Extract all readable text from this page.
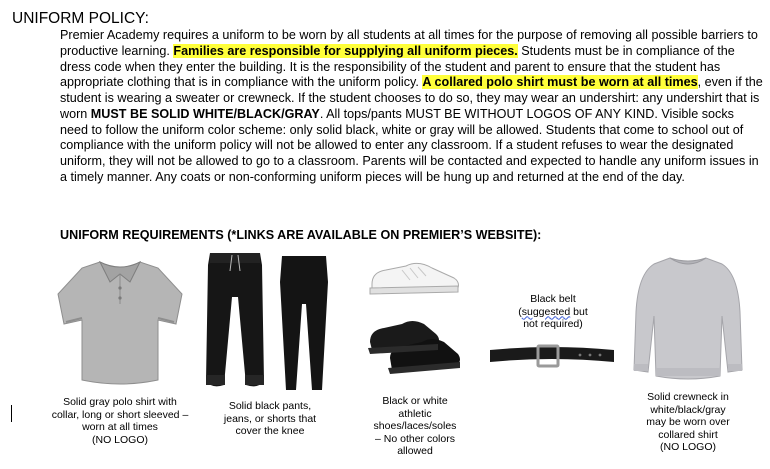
UNIFORM POLICY:
Premier Academy requires a uniform to be worn by all students at all times for the purpose of removing all possible barriers to productive learning. Families are responsible for supplying all uniform pieces. Students must be in compliance of the dress code when they enter the building. It is the responsibility of the student and parent to ensure that the student has appropriate clothing that is in compliance with the uniform policy. A collared polo shirt must be worn at all times, even if the student is wearing a sweater or crewneck. If the student chooses to do so, they may wear an undershirt: any undershirt that is worn MUST BE SOLID WHITE/BLACK/GRAY. All tops/pants MUST BE WITHOUT LOGOS OF ANY KIND. Visible socks need to follow the uniform color scheme: only solid black, white or gray will be allowed. Students that come to school out of compliance with the uniform policy will not be allowed to enter any classroom. If a student refuses to wear the designated uniform, they will not be allowed to go to a classroom. Parents will be contacted and expected to handle any uniform issues in a timely manner. Any coats or non-conforming uniform pieces will be hung up and returned at the end of the day.
UNIFORM REQUIREMENTS (*LINKS ARE AVAILABLE ON PREMIER’S WEBSITE):
Solid gray polo shirt with
collar, long or short sleeved –
worn at all times
(NO LOGO)
Solid black pants,
jeans, or shorts that
cover the knee
Black or white
athletic
shoes/laces/soles
– No other colors
allowed
Black belt
(suggested but
not required)
Solid crewneck in
white/black/gray
may be worn over
collared shirt
(NO LOGO)
